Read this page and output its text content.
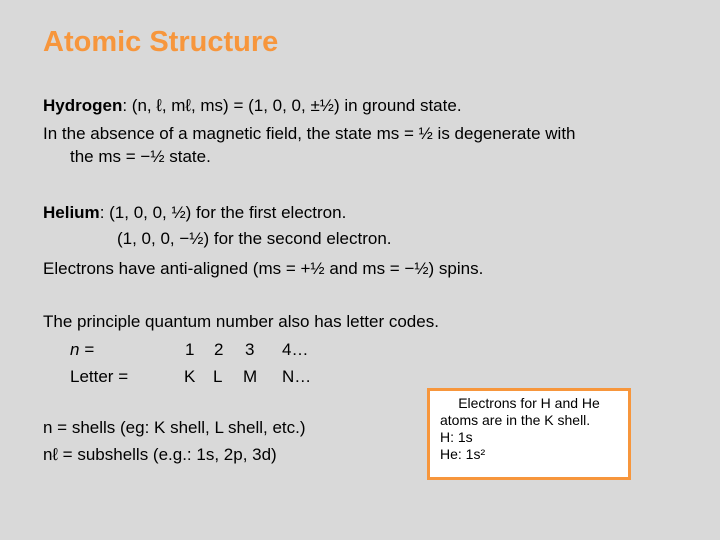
Atomic Structure
Hydrogen: (n, ℓ, mℓ, ms) = (1, 0, 0, ±½) in ground state.
In the absence of a magnetic field, the state ms = ½ is degenerate with
the ms = −½ state.
Helium: (1, 0, 0, ½) for the first electron.
(1, 0, 0, −½) for the second electron.
Electrons have anti-aligned (ms = +½ and ms = −½) spins.
The principle quantum number also has letter codes.
n =	1 2 3 4…
Letter =	K L M N…
n = shells (eg: K shell, L shell, etc.)
nℓ = subshells (e.g.: 1s, 2p, 3d)
Electrons for H and He
atoms are in the K shell.
H: 1s
He: 1s²
